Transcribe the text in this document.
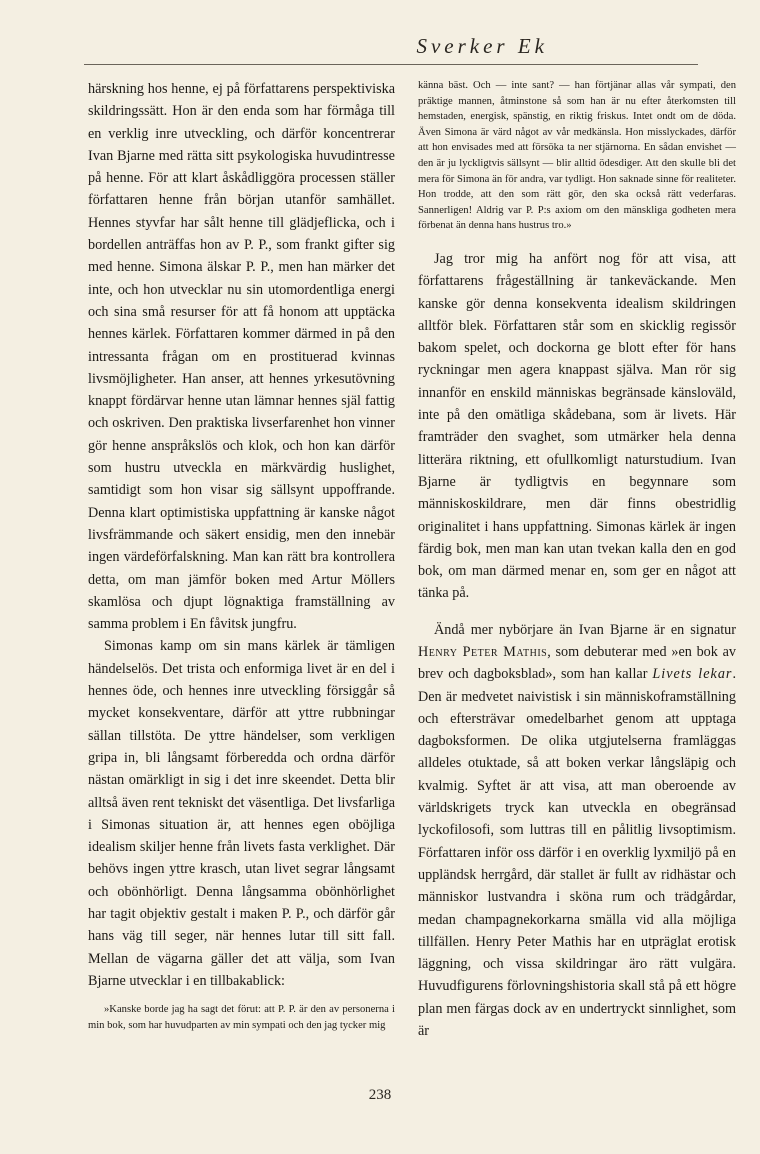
Sverker Ek

härskning hos henne, ej på författarens perspektiviska skildringssätt. Hon är den enda som har förmåga till en verklig inre utveckling, och därför koncentrerar Ivan Bjarne med rätta sitt psykologiska huvudintresse på henne. För att klart åskådliggöra processen ställer författaren henne från början utanför samhället. Hennes styvfar har sålt henne till glädjeflicka, och i bordellen anträffas hon av P. P., som frankt gifter sig med henne. Simona älskar P. P., men han märker det inte, och hon utvecklar nu sin utomordentliga energi och sina små resurser för att få honom att upptäcka hennes kärlek. Författaren kommer därmed in på den intressanta frågan om en prostituerad kvinnas livsmöjligheter. Han anser, att hennes yrkesutövning knappt fördärvar henne utan lämnar hennes själ fattig och oskriven. Den praktiska livserfarenhet hon vinner gör henne anspråkslös och klok, och hon kan därför som hustru utveckla en märkvärdig huslighet, samtidigt som hon visar sig sällsynt uppoffrande. Denna klart optimistiska uppfattning är kanske något livsfrämmande och säkert ensidig, men den innebär ingen värdeförfalskning. Man kan rätt bra kontrollera detta, om man jämför boken med Artur Möllers skamlösa och djupt lögnaktiga framställning av samma problem i En fåvitsk jungfru.

Simonas kamp om sin mans kärlek är tämligen händelselös. Det trista och enformiga livet är en del i hennes öde, och hennes inre utveckling försiggår så mycket konsekventare, därför att yttre rubbningar sällan tillstöta. De yttre händelser, som verkligen gripa in, bli långsamt förberedda och ordna därför nästan omärkligt in sig i det inre skeendet. Detta blir alltså även rent tekniskt det väsentliga. Det livsfarliga i Simonas situation är, att hennes egen oböjliga idealism skiljer henne från livets fasta verklighet. Där behövs ingen yttre krasch, utan livet segrar långsamt och obönhörligt. Denna långsamma obönhörlighet har tagit objektiv gestalt i maken P. P., och därför går hans väg till seger, när hennes lutar till sitt fall. Mellan de vägarna gäller det att välja, som Ivan Bjarne utvecklar i en tillbakablick:

»Kanske borde jag ha sagt det förut: att P. P. är den av personerna i min bok, som har huvudparten av min sympati och den jag tycker mig

känna bäst. Och — inte sant? — han förtjänar allas vår sympati, den präktige mannen, åtminstone så som han är nu efter återkomsten till hemstaden, energisk, spänstig, en riktig friskus. Intet ondt om de döda. Även Simona är värd något av vår medkänsla. Hon misslyckades, därför att hon envisades med att försöka ta ner stjärnorna. En sådan envishet — den är ju lyckligtvis sällsynt — blir alltid ödesdiger. Att den skulle bli det mera för Simona än för andra, var tydligt. Hon saknade sinne för realiteter. Hon trodde, att den som rätt gör, den ska också rätt vederfaras. Sannerligen! Aldrig var P. P:s axiom om den mänskliga godheten mera förbenat än denna hans hustrus tro.»

Jag tror mig ha anfört nog för att visa, att författarens frågeställning är tankeväckande. Men kanske gör denna konsekventa idealism skildringen alltför blek. Författaren står som en skicklig regissör bakom spelet, och dockorna ge blott efter för hans ryckningar men agera knappast själva. Man rör sig innanför en enskild människas begränsade känsloväld, inte på den omätliga skådebana, som är livets. Här framträder den svaghet, som utmärker hela denna litterära riktning, ett ofullkomligt naturstudium. Ivan Bjarne är tydligtvis en begynnare som människoskildrare, men där finns obestridlig originalitet i hans uppfattning. Simonas kärlek är ingen färdig bok, men man kan utan tvekan kalla den en god bok, om man därmed menar en, som ger en något att tänka på.

Ändå mer nybörjare än Ivan Bjarne är en signatur Henry Peter Mathis, som debuterar med »en bok av brev och dagboksblad», som han kallar Livets lekar. Den är medvetet naivistisk i sin människoframställning och eftersträvar omedelbarhet genom att upptaga dagboksformen. De olika utgjutelserna framläggas alldeles otuktade, så att boken verkar långsläpig och kvalmig. Syftet är att visa, att man oberoende av världskrigets tryck kan utveckla en obegränsad lyckofilosofi, som luttras till en pålitlig livsoptimism. Författaren inför oss därför i en overklig lyxmiljö på en uppländsk herrgård, där stallet är fullt av ridhästar och människor lustvandra i sköna rum och trädgårdar, medan champagnekorkarna smälla vid alla möjliga tillfällen. Henry Peter Mathis har en utpräglat erotisk läggning, och vissa skildringar äro rätt vulgära. Huvudfigurens förlovningshistoria skall stå på ett högre plan men färgas dock av en undertryckt sinnlighet, som är

238
